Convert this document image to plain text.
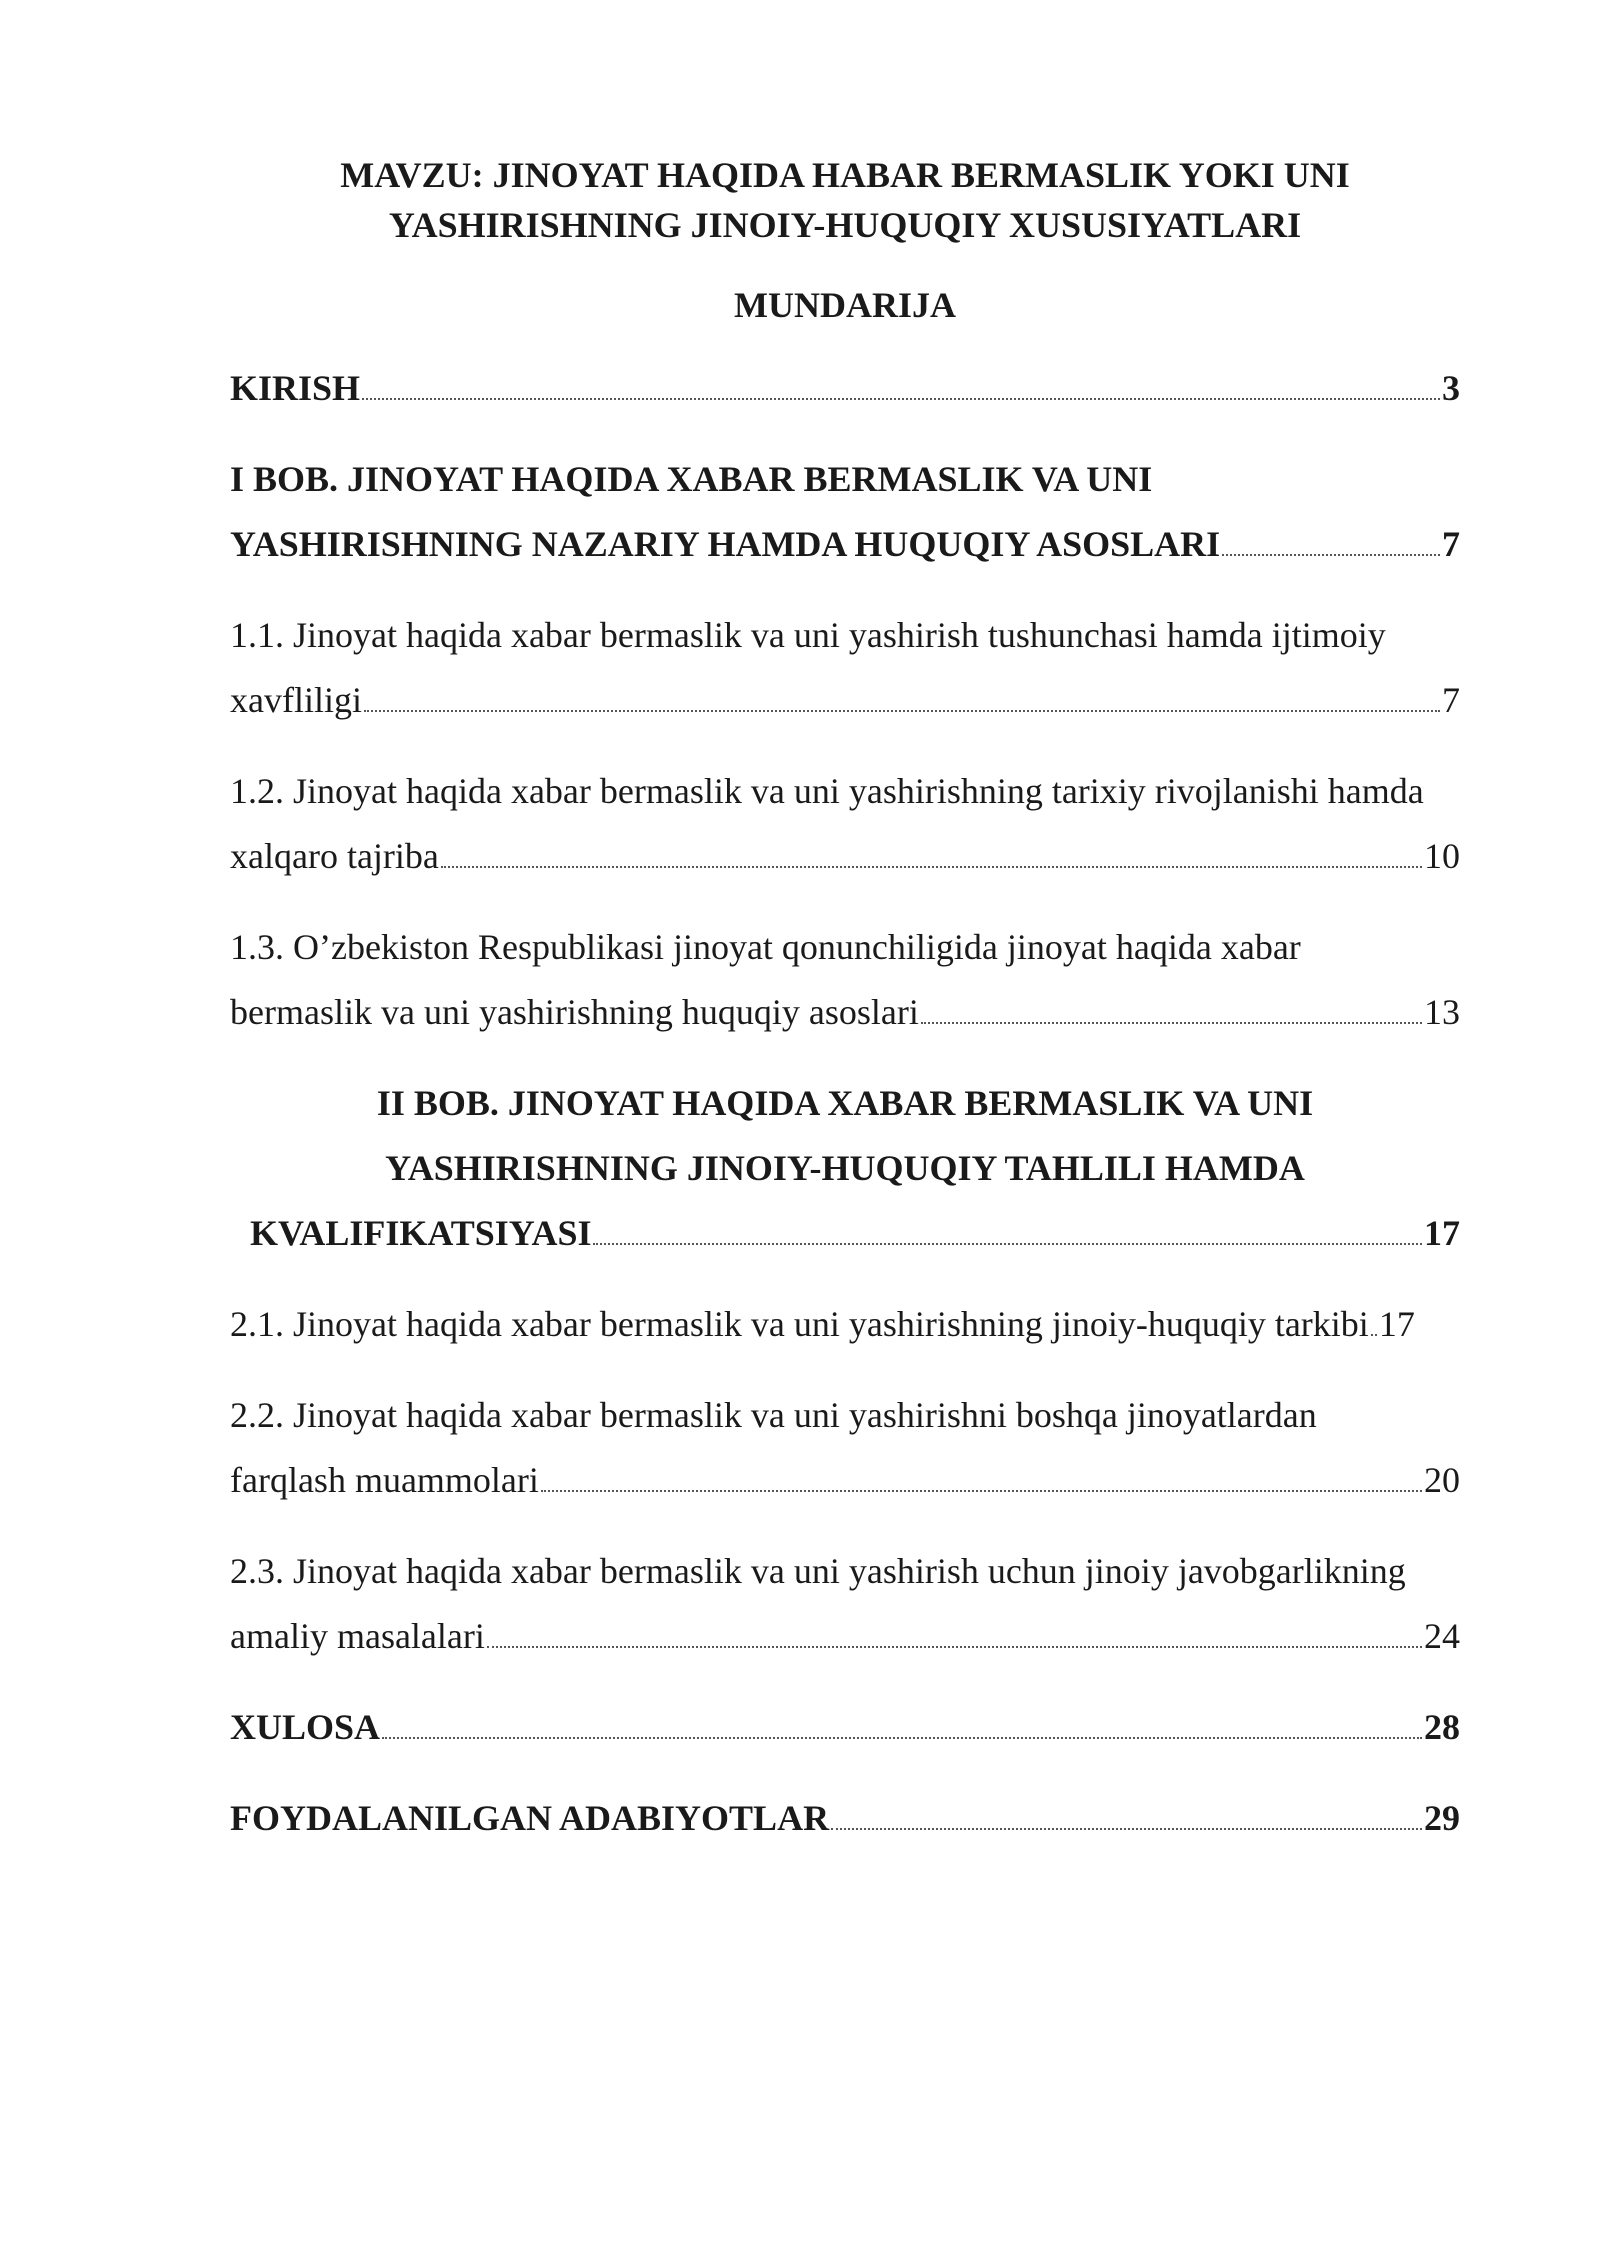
MAVZU: JINOYAT HAQIDA HABAR BERMASLIK YOKI UNI
YASHIRISHNING JINOIY-HUQUQIY XUSUSIYATLARI
MUNDARIJA
KIRISH	3
I BOB. JINOYAT HAQIDA XABAR BERMASLIK VA UNI
YASHIRISHNING NAZARIY HAMDA HUQUQIY ASOSLARI	7
1.1. Jinoyat haqida xabar bermaslik va uni yashirish tushunchasi hamda ijtimoiy
xavfliligi	7
1.2. Jinoyat haqida xabar bermaslik va uni yashirishning tarixiy rivojlanishi hamda
xalqaro tajriba	10
1.3. O’zbekiston Respublikasi jinoyat qonunchiligida jinoyat haqida xabar
bermaslik va uni yashirishning huquqiy asoslari	13
II BOB. JINOYAT HAQIDA XABAR BERMASLIK VA UNI
YASHIRISHNING JINOIY-HUQUQIY TAHLILI HAMDA
KVALIFIKATSIYASI	17
2.1. Jinoyat haqida xabar bermaslik va uni yashirishning jinoiy-huquqiy tarkibi 17
2.2. Jinoyat haqida xabar bermaslik va uni yashirishni boshqa jinoyatlardan
farqlash muammolari	20
2.3. Jinoyat haqida xabar bermaslik va uni yashirish uchun jinoiy javobgarlikning
amaliy masalalari	24
XULOSA	28
FOYDALANILGAN ADABIYOTLAR	29
